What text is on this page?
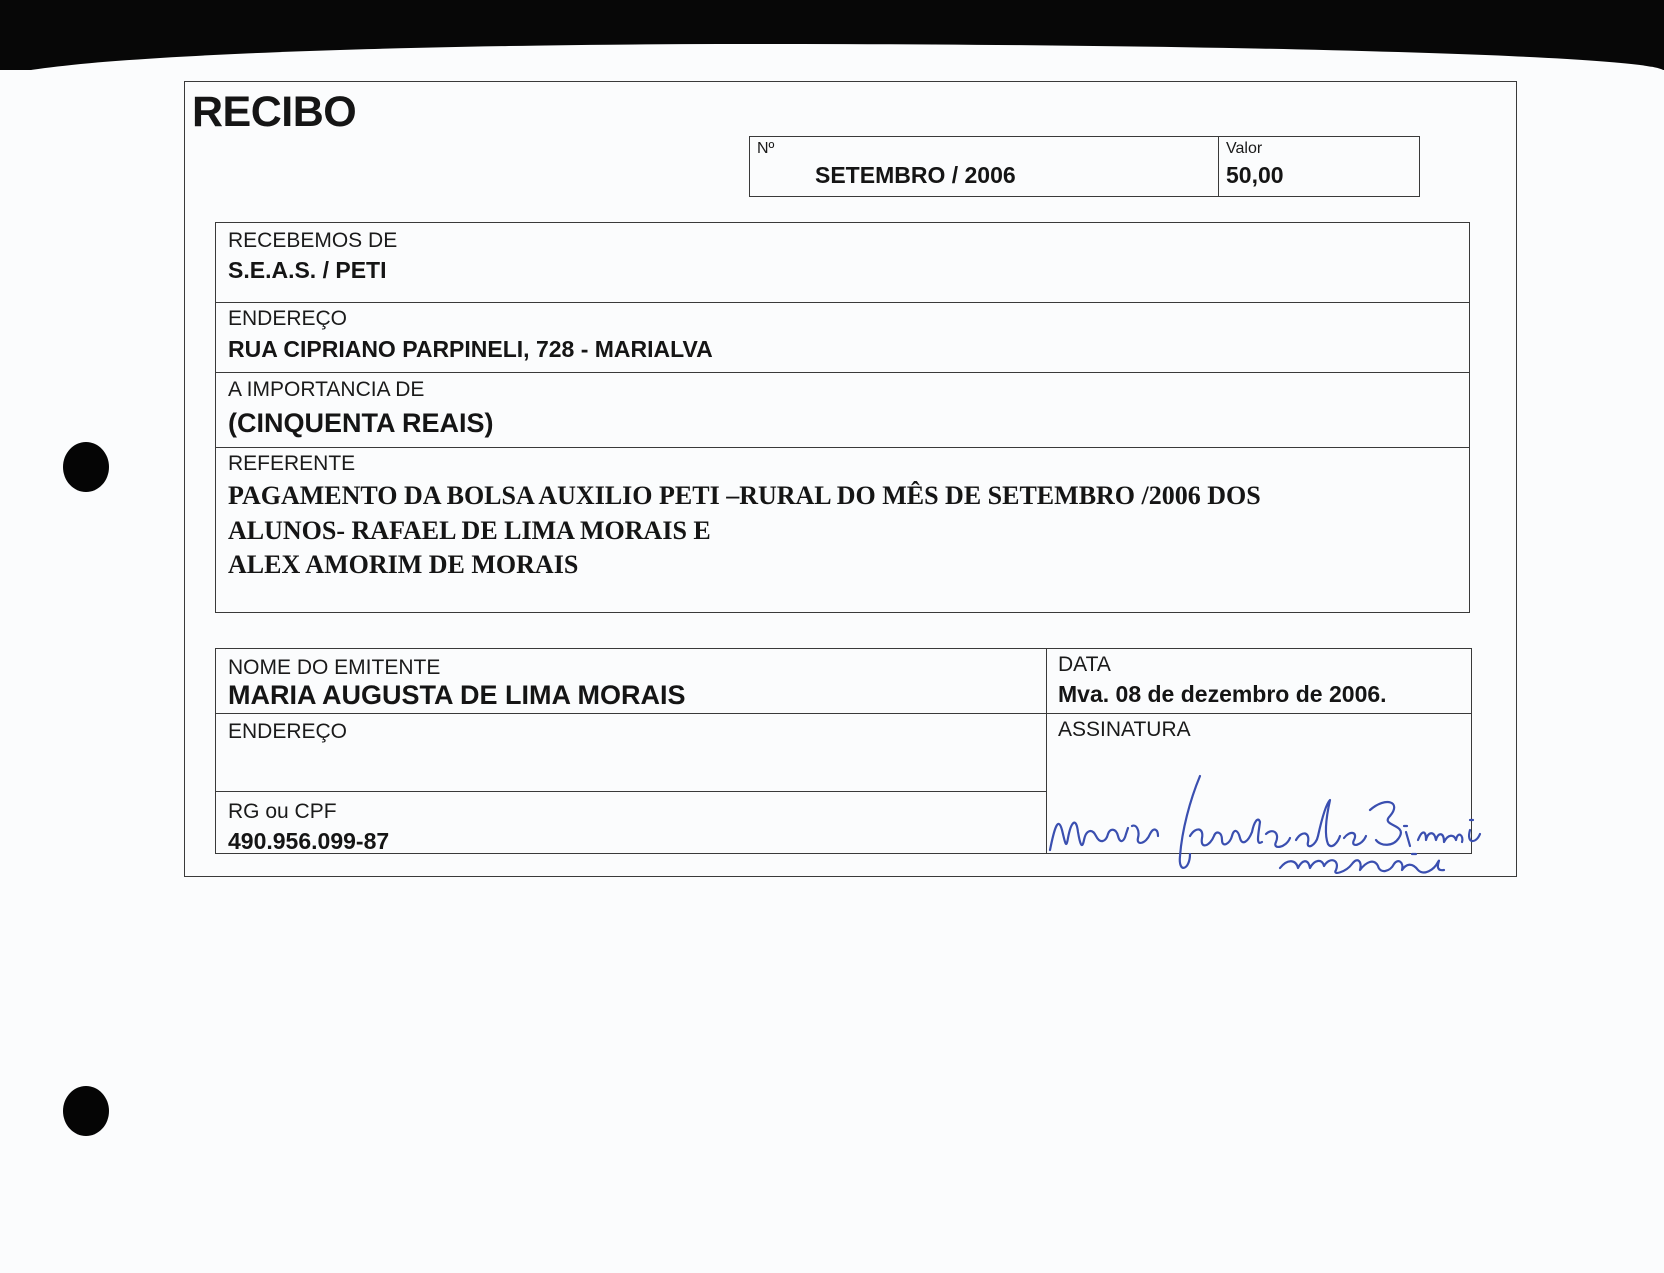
RECIBO
Nº
SETEMBRO / 2006
Valor
50,00
RECEBEMOS DE
S.E.A.S. / PETI
ENDEREÇO
RUA CIPRIANO PARPINELI, 728 - MARIALVA
A IMPORTANCIA DE
(CINQUENTA REAIS)
REFERENTE
PAGAMENTO DA BOLSA AUXILIO PETI –RURAL DO MÊS DE SETEMBRO /2006 DOS
ALUNOS- RAFAEL DE LIMA MORAIS E
ALEX AMORIM DE MORAIS
NOME DO EMITENTE
MARIA AUGUSTA DE LIMA MORAIS
DATA
Mva. 08 de dezembro de 2006.
ENDEREÇO	ASSINATURA
RG ou CPF
490.956.099-87
